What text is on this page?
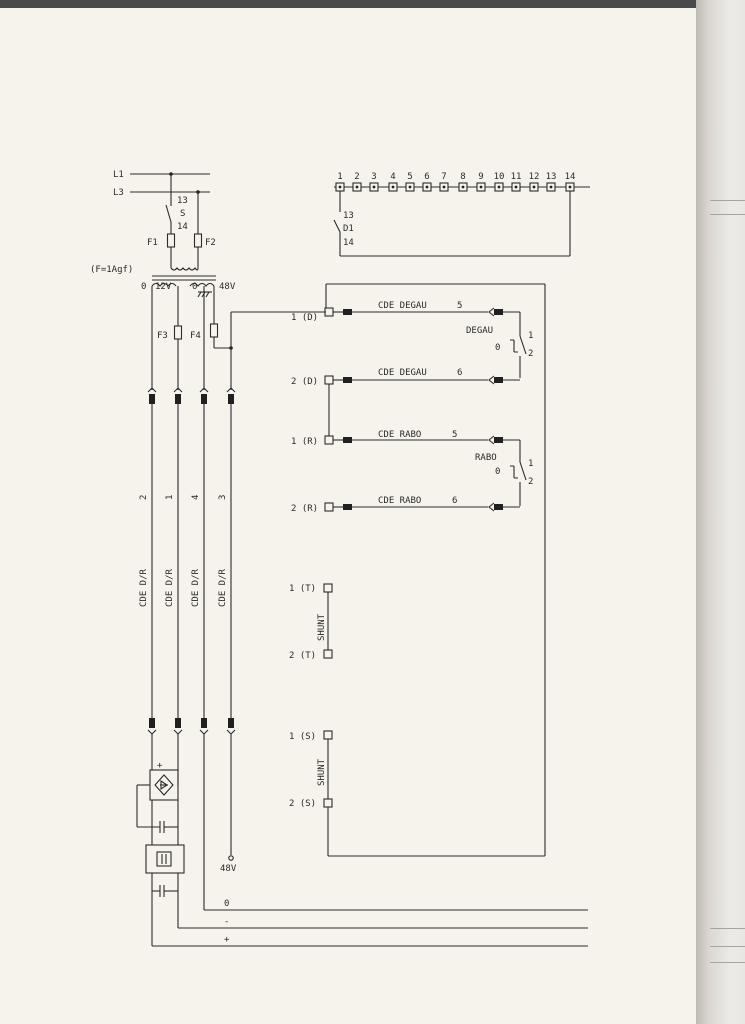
L1
L3
13
S
14
F1	F2
(F=1Agf)
0 12V 0 48V
F3 F4
CDE D/R
2
CDE D/R
1
CDE D/R
4
CDE D/R
3
+
48V
0
-
+
1 2 3 4 5 6 7 8 9 10 11 12 13 14
13
D1
14
1 (D)
CDE DEGAU	5
DEGAU
0
1
2
2 (D)
CDE DEGAU	6
1 (R)
CDE RABO	5
RABO
0
1
2
2 (R)
CDE RABO	6
1 (T)
2 (T)
SHUNT
1 (S)
2 (S)
SHUNT
